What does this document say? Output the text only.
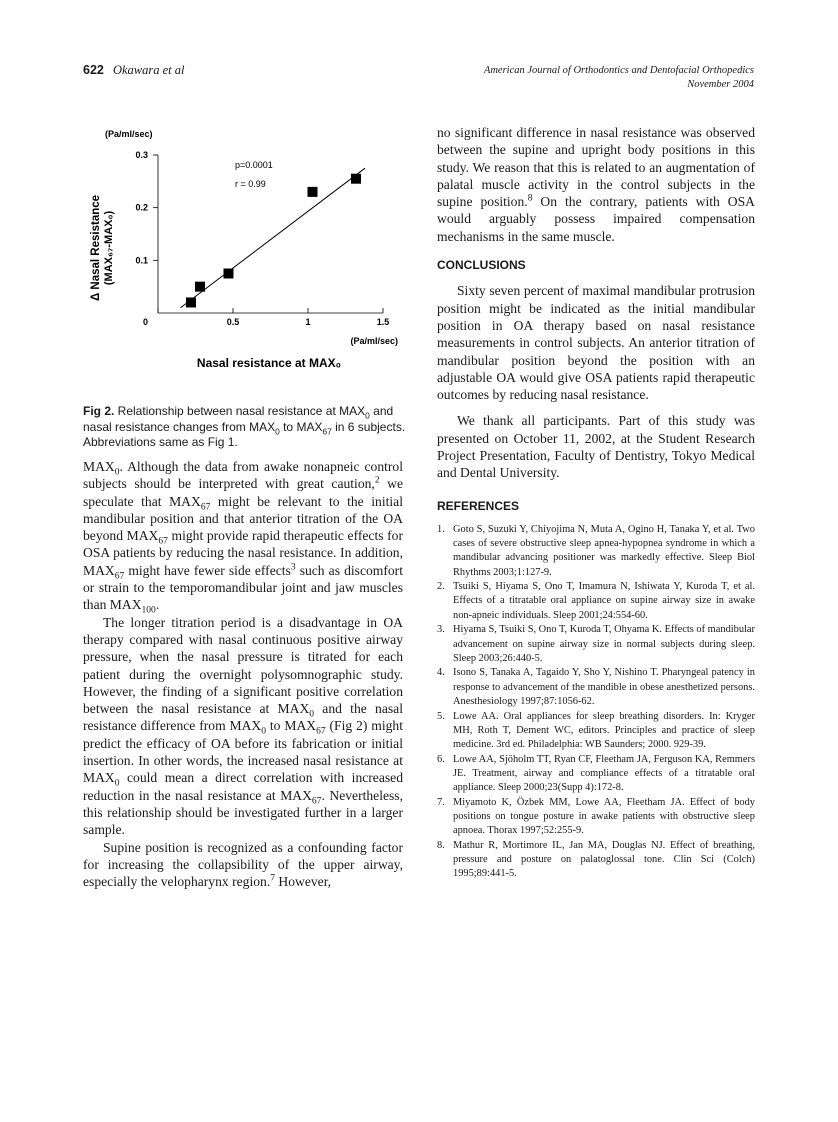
622 Okawara et al	American Journal of Orthodontics and Dentofacial Orthopedics
November 2004
(Pa/ml/sec)
0.1
0.2
0.3
0	0.5	1	1.5
p=0.0001
r = 0.99
(Pa/ml/sec)
Nasal resistance at MAX₀
Δ Nasal Resistance (MAX₆₇-MAX₀)
Fig 2. Relationship between nasal resistance at $MAX_0$ and nasal resistance changes from $MAX_0$ to $MAX_{67}$ in 6 subjects. Abbreviations same as Fig 1.

$MAX_0$. Although the data from awake nonapneic control subjects should be interpreted with great caution,$^2$ we speculate that $MAX_{67}$ might be relevant to the initial mandibular position and that anterior titration of the OA beyond $MAX_{67}$ might provide rapid therapeutic effects for OSA patients by reducing the nasal resistance. In addition, $MAX_{67}$ might have fewer side effects$^3$ such as discomfort or strain to the temporomandibular joint and jaw muscles than $MAX_{100}$.

The longer titration period is a disadvantage in OA therapy compared with nasal continuous positive airway pressure, when the nasal pressure is titrated for each patient during the overnight polysomnographic study. However, the finding of a significant positive correlation between the nasal resistance at $MAX_0$ and the nasal resistance difference from $MAX_0$ to $MAX_{67}$ (Fig 2) might predict the efficacy of OA before its fabrication or initial insertion. In other words, the increased nasal resistance at $MAX_0$ could mean a direct correlation with increased reduction in the nasal resistance at $MAX_{67}$. Nevertheless, this relationship should be investigated further in a larger sample.

Supine position is recognized as a confounding factor for increasing the collapsibility of the upper airway, especially the velopharynx region.$^7$ However,

no significant difference in nasal resistance was observed between the supine and upright body positions in this study. We reason that this is related to an augmentation of palatal muscle activity in the control subjects in the supine position.$^8$ On the contrary, patients with OSA would arguably possess impaired compensation mechanisms in the same muscle.

CONCLUSIONS

Sixty seven percent of maximal mandibular protrusion position might be indicated as the initial mandibular position in OA therapy based on nasal resistance measurements in control subjects. An anterior titration of mandibular position beyond the position with an adjustable OA would give OSA patients rapid therapeutic outcomes by reducing nasal resistance.

We thank all participants. Part of this study was presented on October 11, 2002, at the Student Research Project Presentation, Faculty of Dentistry, Tokyo Medical and Dental University.

REFERENCES
1. Goto S, Suzuki Y, Chiyojima N, Muta A, Ogino H, Tanaka Y, et al. Two cases of severe obstructive sleep apnea-hypopnea syndrome in which a mandibular advancing positioner was markedly effective. Sleep Biol Rhythms 2003;1:127-9.
2. Tsuiki S, Hiyama S, Ono T, Imamura N, Ishiwata Y, Kuroda T, et al. Effects of a titratable oral appliance on supine airway size in awake non-apneic individuals. Sleep 2001;24:554-60.
3. Hiyama S, Tsuiki S, Ono T, Kuroda T, Ohyama K. Effects of mandibular advancement on supine airway size in normal subjects during sleep. Sleep 2003;26:440-5.
4. Isono S, Tanaka A, Tagaido Y, Sho Y, Nishino T. Pharyngeal patency in response to advancement of the mandible in obese anesthetized persons. Anesthesiology 1997;87:1056-62.
5. Lowe AA. Oral appliances for sleep breathing disorders. In: Kryger MH, Roth T, Dement WC, editors. Principles and practice of sleep medicine. 3rd ed. Philadelphia: WB Saunders; 2000. 929-39.
6. Lowe AA, Sjöholm TT, Ryan CF, Fleetham JA, Ferguson KA, Remmers JE. Treatment, airway and compliance effects of a titratable oral appliance. Sleep 2000;23(Supp 4):172-8.
7. Miyamoto K, Özbek MM, Lowe AA, Fleetham JA. Effect of body positions on tongue posture in awake patients with obstructive sleep apnoea. Thorax 1997;52:255-9.
8. Mathur R, Mortimore IL, Jan MA, Douglas NJ. Effect of breathing, pressure and posture on palatoglossal tone. Clin Sci (Colch) 1995;89:441-5.
